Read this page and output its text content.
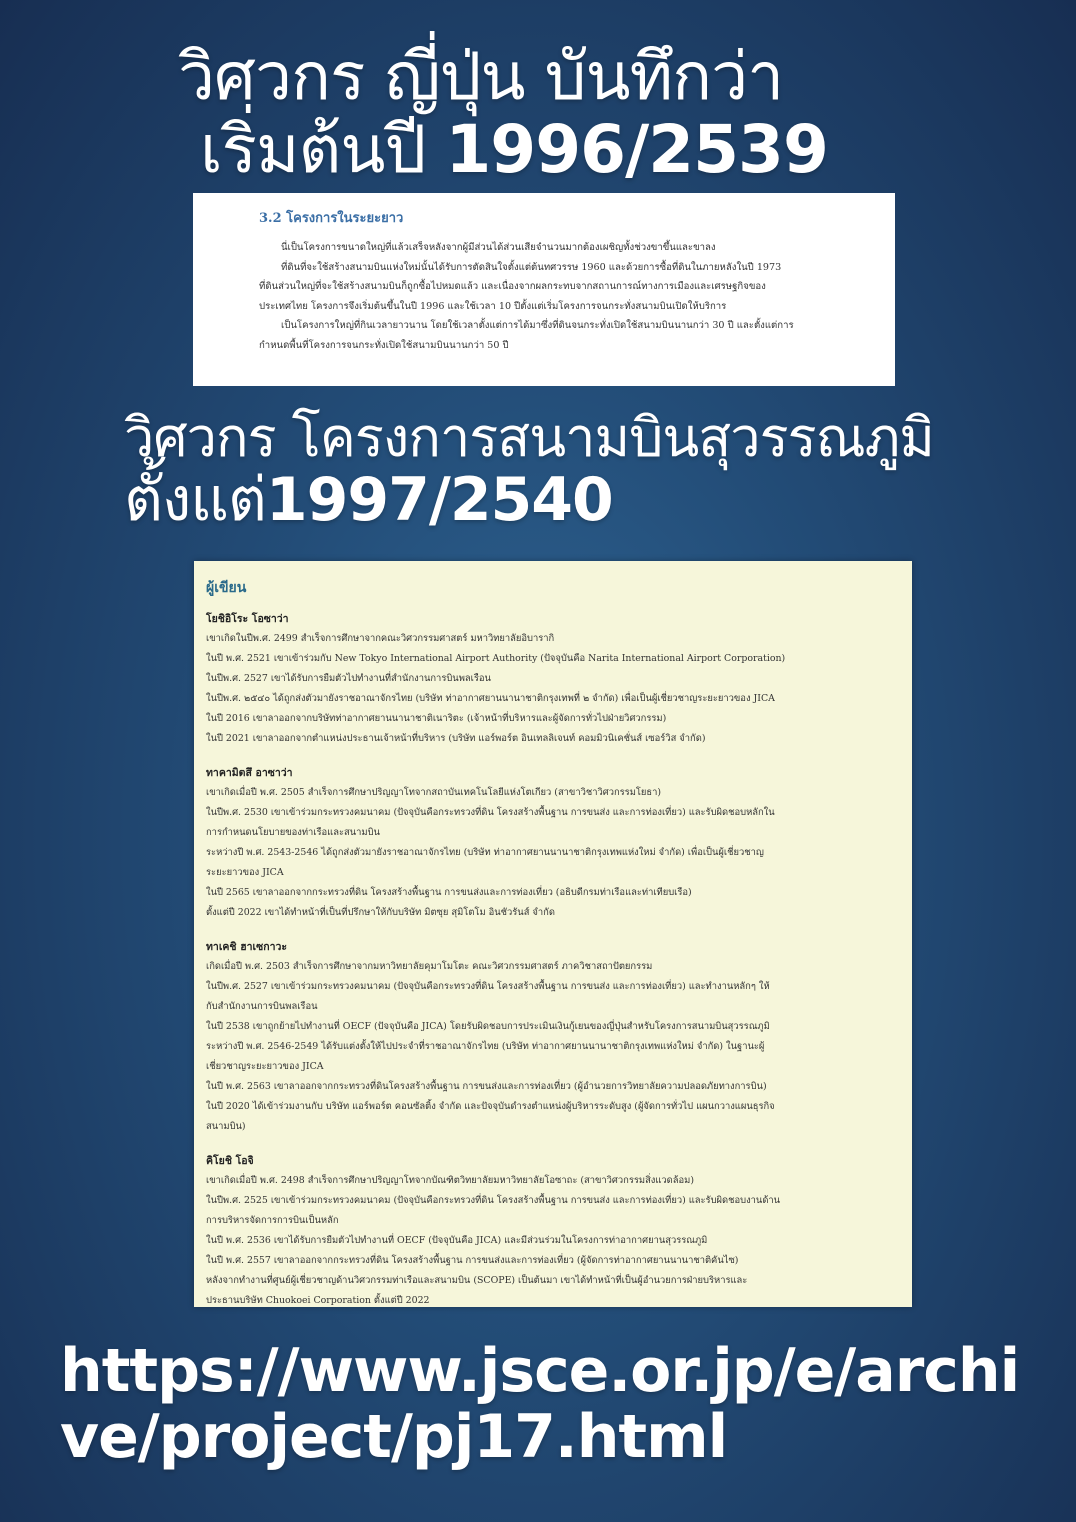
วิศวกร ญี่ปุ่น บันทึกว่า
เริ่มต้นปี 1996/2539
3.2 โครงการในระยะยาว

นี่เป็นโครงการขนาดใหญ่ที่แล้วเสร็จหลังจากผู้มีส่วนได้ส่วนเสียจำนวนมากต้องเผชิญทั้งช่วงขาขึ้นและขาลง

ที่ดินที่จะใช้สร้างสนามบินแห่งใหม่นั้นได้รับการตัดสินใจตั้งแต่ต้นทศวรรษ 1960 และด้วยการซื้อที่ดินในภายหลังในปี 1973

ที่ดินส่วนใหญ่ที่จะใช้สร้างสนามบินก็ถูกซื้อไปหมดแล้ว และเนื่องจากผลกระทบจากสถานการณ์ทางการเมืองและเศรษฐกิจของ

ประเทศไทย โครงการจึงเริ่มต้นขึ้นในปี 1996 และใช้เวลา 10 ปีตั้งแต่เริ่มโครงการจนกระทั่งสนามบินเปิดให้บริการ

เป็นโครงการใหญ่ที่กินเวลายาวนาน โดยใช้เวลาตั้งแต่การได้มาซึ่งที่ดินจนกระทั่งเปิดใช้สนามบินนานกว่า 30 ปี และตั้งแต่การ

กำหนดพื้นที่โครงการจนกระทั่งเปิดใช้สนามบินนานกว่า 50 ปี

วิศวกร โครงการสนามบินสุวรรณภูมิ
ตั้งแต่1997/2540
ผู้เขียน

โยชิอิโระ โอซาว่า

เขาเกิดในปีพ.ศ. 2499 สำเร็จการศึกษาจากคณะวิศวกรรมศาสตร์ มหาวิทยาลัยอิบารากิ

ในปี พ.ศ. 2521 เขาเข้าร่วมกับ New Tokyo International Airport Authority (ปัจจุบันคือ Narita International Airport Corporation)

ในปีพ.ศ. 2527 เขาได้รับการยืมตัวไปทำงานที่สำนักงานการบินพลเรือน

ในปีพ.ศ. ๒๕๔๐ ได้ถูกส่งตัวมายังราชอาณาจักรไทย (บริษัท ท่าอากาศยานนานาชาติกรุงเทพที่ ๒ จำกัด) เพื่อเป็นผู้เชี่ยวชาญระยะยาวของ JICA

ในปี 2016 เขาลาออกจากบริษัทท่าอากาศยานนานาชาติเนาริตะ (เจ้าหน้าที่บริหารและผู้จัดการทั่วไปฝ่ายวิศวกรรม)

ในปี 2021 เขาลาออกจากตำแหน่งประธานเจ้าหน้าที่บริหาร (บริษัท แอร์พอร์ต อินเทลลิเจนท์ คอมมิวนิเคชั่นส์ เซอร์วิส จำกัด)

ทาคามิตสึ อาซาว่า

เขาเกิดเมื่อปี พ.ศ. 2505 สำเร็จการศึกษาปริญญาโทจากสถาบันเทคโนโลยีแห่งโตเกียว (สาขาวิชาวิศวกรรมโยธา)

ในปีพ.ศ. 2530 เขาเข้าร่วมกระทรวงคมนาคม (ปัจจุบันคือกระทรวงที่ดิน โครงสร้างพื้นฐาน การขนส่ง และการท่องเที่ยว) และรับผิดชอบหลักใน

การกำหนดนโยบายของท่าเรือและสนามบิน

ระหว่างปี พ.ศ. 2543-2546 ได้ถูกส่งตัวมายังราชอาณาจักรไทย (บริษัท ท่าอากาศยานนานาชาติกรุงเทพแห่งใหม่ จำกัด) เพื่อเป็นผู้เชี่ยวชาญ

ระยะยาวของ JICA

ในปี 2565 เขาลาออกจากกระทรวงที่ดิน โครงสร้างพื้นฐาน การขนส่งและการท่องเที่ยว (อธิบดีกรมท่าเรือและท่าเทียบเรือ)

ตั้งแต่ปี 2022 เขาได้ทำหน้าที่เป็นที่ปรึกษาให้กับบริษัท มิตซุย สุมิโตโม อินชัวรันส์ จำกัด

ทาเคชิ ฮาเซกาวะ

เกิดเมื่อปี พ.ศ. 2503 สำเร็จการศึกษาจากมหาวิทยาลัยคุมาโมโตะ คณะวิศวกรรมศาสตร์ ภาควิชาสถาปัตยกรรม

ในปีพ.ศ. 2527 เขาเข้าร่วมกระทรวงคมนาคม (ปัจจุบันคือกระทรวงที่ดิน โครงสร้างพื้นฐาน การขนส่ง และการท่องเที่ยว) และทำงานหลักๆ ให้

กับสำนักงานการบินพลเรือน

ในปี 2538 เขาถูกย้ายไปทำงานที่ OECF (ปัจจุบันคือ JICA) โดยรับผิดชอบการประเมินเงินกู้เยนของญี่ปุ่นสำหรับโครงการสนามบินสุวรรณภูมิ

ระหว่างปี พ.ศ. 2546-2549 ได้รับแต่งตั้งให้ไปประจำที่ราชอาณาจักรไทย (บริษัท ท่าอากาศยานนานาชาติกรุงเทพแห่งใหม่ จำกัด) ในฐานะผู้

เชี่ยวชาญระยะยาวของ JICA

ในปี พ.ศ. 2563 เขาลาออกจากกระทรวงที่ดินโครงสร้างพื้นฐาน การขนส่งและการท่องเที่ยว (ผู้อำนวยการวิทยาลัยความปลอดภัยทางการบิน)

ในปี 2020 ได้เข้าร่วมงานกับ บริษัท แอร์พอร์ต คอนซัลติ้ง จำกัด และปัจจุบันดำรงตำแหน่งผู้บริหารระดับสูง (ผู้จัดการทั่วไป แผนกวางแผนธุรกิจ

สนามบิน)

คิโยชิ โอจิ

เขาเกิดเมื่อปี พ.ศ. 2498 สำเร็จการศึกษาปริญญาโทจากบัณฑิตวิทยาลัยมหาวิทยาลัยโอซาถะ (สาขาวิศวกรรมสิ่งแวดล้อม)

ในปีพ.ศ. 2525 เขาเข้าร่วมกระทรวงคมนาคม (ปัจจุบันคือกระทรวงที่ดิน โครงสร้างพื้นฐาน การขนส่ง และการท่องเที่ยว) และรับผิดชอบงานด้าน

การบริหารจัดการการบินเป็นหลัก

ในปี พ.ศ. 2536 เขาได้รับการยืมตัวไปทำงานที่ OECF (ปัจจุบันคือ JICA) และมีส่วนร่วมในโครงการท่าอากาศยานสุวรรณภูมิ

ในปี พ.ศ. 2557 เขาลาออกจากกระทรวงที่ดิน โครงสร้างพื้นฐาน การขนส่งและการท่องเที่ยว (ผู้จัดการท่าอากาศยานนานาชาติคันไซ)

หลังจากทำงานที่ศูนย์ผู้เชี่ยวชาญด้านวิศวกรรมท่าเรือและสนามบิน (SCOPE) เป็นต้นมา เขาได้ทำหน้าที่เป็นผู้อำนวยการฝ่ายบริหารและ

ประธานบริษัท Chuokoei Corporation ตั้งแต่ปี 2022

https://www.jsce.or.jp/e/archi
ve/project/pj17.html
